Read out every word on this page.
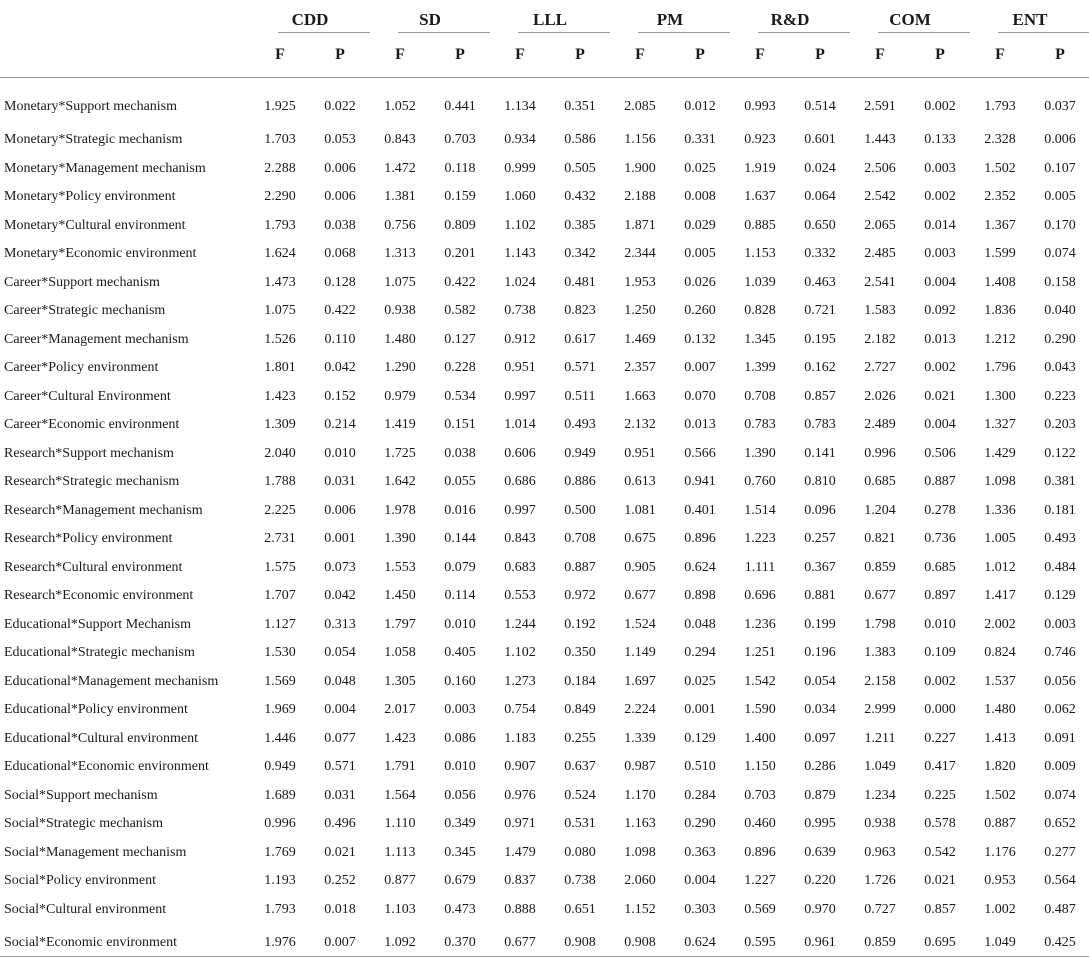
	CDD		SD		LLL		PM		R&D		COM		ENT	
	F	P	F	P	F	P	F	P	F	P	F	P	F	P
Monetary*Support mechanism	1.925	0.022	1.052	0.441	1.134	0.351	2.085	0.012	0.993	0.514	2.591	0.002	1.793	0.037
Monetary*Strategic mechanism	1.703	0.053	0.843	0.703	0.934	0.586	1.156	0.331	0.923	0.601	1.443	0.133	2.328	0.006
Monetary*Management mechanism	2.288	0.006	1.472	0.118	0.999	0.505	1.900	0.025	1.919	0.024	2.506	0.003	1.502	0.107
Monetary*Policy environment	2.290	0.006	1.381	0.159	1.060	0.432	2.188	0.008	1.637	0.064	2.542	0.002	2.352	0.005
Monetary*Cultural environment	1.793	0.038	0.756	0.809	1.102	0.385	1.871	0.029	0.885	0.650	2.065	0.014	1.367	0.170
Monetary*Economic environment	1.624	0.068	1.313	0.201	1.143	0.342	2.344	0.005	1.153	0.332	2.485	0.003	1.599	0.074
Career*Support mechanism	1.473	0.128	1.075	0.422	1.024	0.481	1.953	0.026	1.039	0.463	2.541	0.004	1.408	0.158
Career*Strategic mechanism	1.075	0.422	0.938	0.582	0.738	0.823	1.250	0.260	0.828	0.721	1.583	0.092	1.836	0.040
Career*Management mechanism	1.526	0.110	1.480	0.127	0.912	0.617	1.469	0.132	1.345	0.195	2.182	0.013	1.212	0.290
Career*Policy environment	1.801	0.042	1.290	0.228	0.951	0.571	2.357	0.007	1.399	0.162	2.727	0.002	1.796	0.043
Career*Cultural Environment	1.423	0.152	0.979	0.534	0.997	0.511	1.663	0.070	0.708	0.857	2.026	0.021	1.300	0.223
Career*Economic environment	1.309	0.214	1.419	0.151	1.014	0.493	2.132	0.013	0.783	0.783	2.489	0.004	1.327	0.203
Research*Support mechanism	2.040	0.010	1.725	0.038	0.606	0.949	0.951	0.566	1.390	0.141	0.996	0.506	1.429	0.122
Research*Strategic mechanism	1.788	0.031	1.642	0.055	0.686	0.886	0.613	0.941	0.760	0.810	0.685	0.887	1.098	0.381
Research*Management mechanism	2.225	0.006	1.978	0.016	0.997	0.500	1.081	0.401	1.514	0.096	1.204	0.278	1.336	0.181
Research*Policy environment	2.731	0.001	1.390	0.144	0.843	0.708	0.675	0.896	1.223	0.257	0.821	0.736	1.005	0.493
Research*Cultural environment	1.575	0.073	1.553	0.079	0.683	0.887	0.905	0.624	1.111	0.367	0.859	0.685	1.012	0.484
Research*Economic environment	1.707	0.042	1.450	0.114	0.553	0.972	0.677	0.898	0.696	0.881	0.677	0.897	1.417	0.129
Educational*Support Mechanism	1.127	0.313	1.797	0.010	1.244	0.192	1.524	0.048	1.236	0.199	1.798	0.010	2.002	0.003
Educational*Strategic mechanism	1.530	0.054	1.058	0.405	1.102	0.350	1.149	0.294	1.251	0.196	1.383	0.109	0.824	0.746
Educational*Management mechanism	1.569	0.048	1.305	0.160	1.273	0.184	1.697	0.025	1.542	0.054	2.158	0.002	1.537	0.056
Educational*Policy environment	1.969	0.004	2.017	0.003	0.754	0.849	2.224	0.001	1.590	0.034	2.999	0.000	1.480	0.062
Educational*Cultural environment	1.446	0.077	1.423	0.086	1.183	0.255	1.339	0.129	1.400	0.097	1.211	0.227	1.413	0.091
Educational*Economic environment	0.949	0.571	1.791	0.010	0.907	0.637	0.987	0.510	1.150	0.286	1.049	0.417	1.820	0.009
Social*Support mechanism	1.689	0.031	1.564	0.056	0.976	0.524	1.170	0.284	0.703	0.879	1.234	0.225	1.502	0.074
Social*Strategic mechanism	0.996	0.496	1.110	0.349	0.971	0.531	1.163	0.290	0.460	0.995	0.938	0.578	0.887	0.652
Social*Management mechanism	1.769	0.021	1.113	0.345	1.479	0.080	1.098	0.363	0.896	0.639	0.963	0.542	1.176	0.277
Social*Policy environment	1.193	0.252	0.877	0.679	0.837	0.738	2.060	0.004	1.227	0.220	1.726	0.021	0.953	0.564
Social*Cultural environment	1.793	0.018	1.103	0.473	0.888	0.651	1.152	0.303	0.569	0.970	0.727	0.857	1.002	0.487
Social*Economic environment	1.976	0.007	1.092	0.370	0.677	0.908	0.908	0.624	0.595	0.961	0.859	0.695	1.049	0.425
